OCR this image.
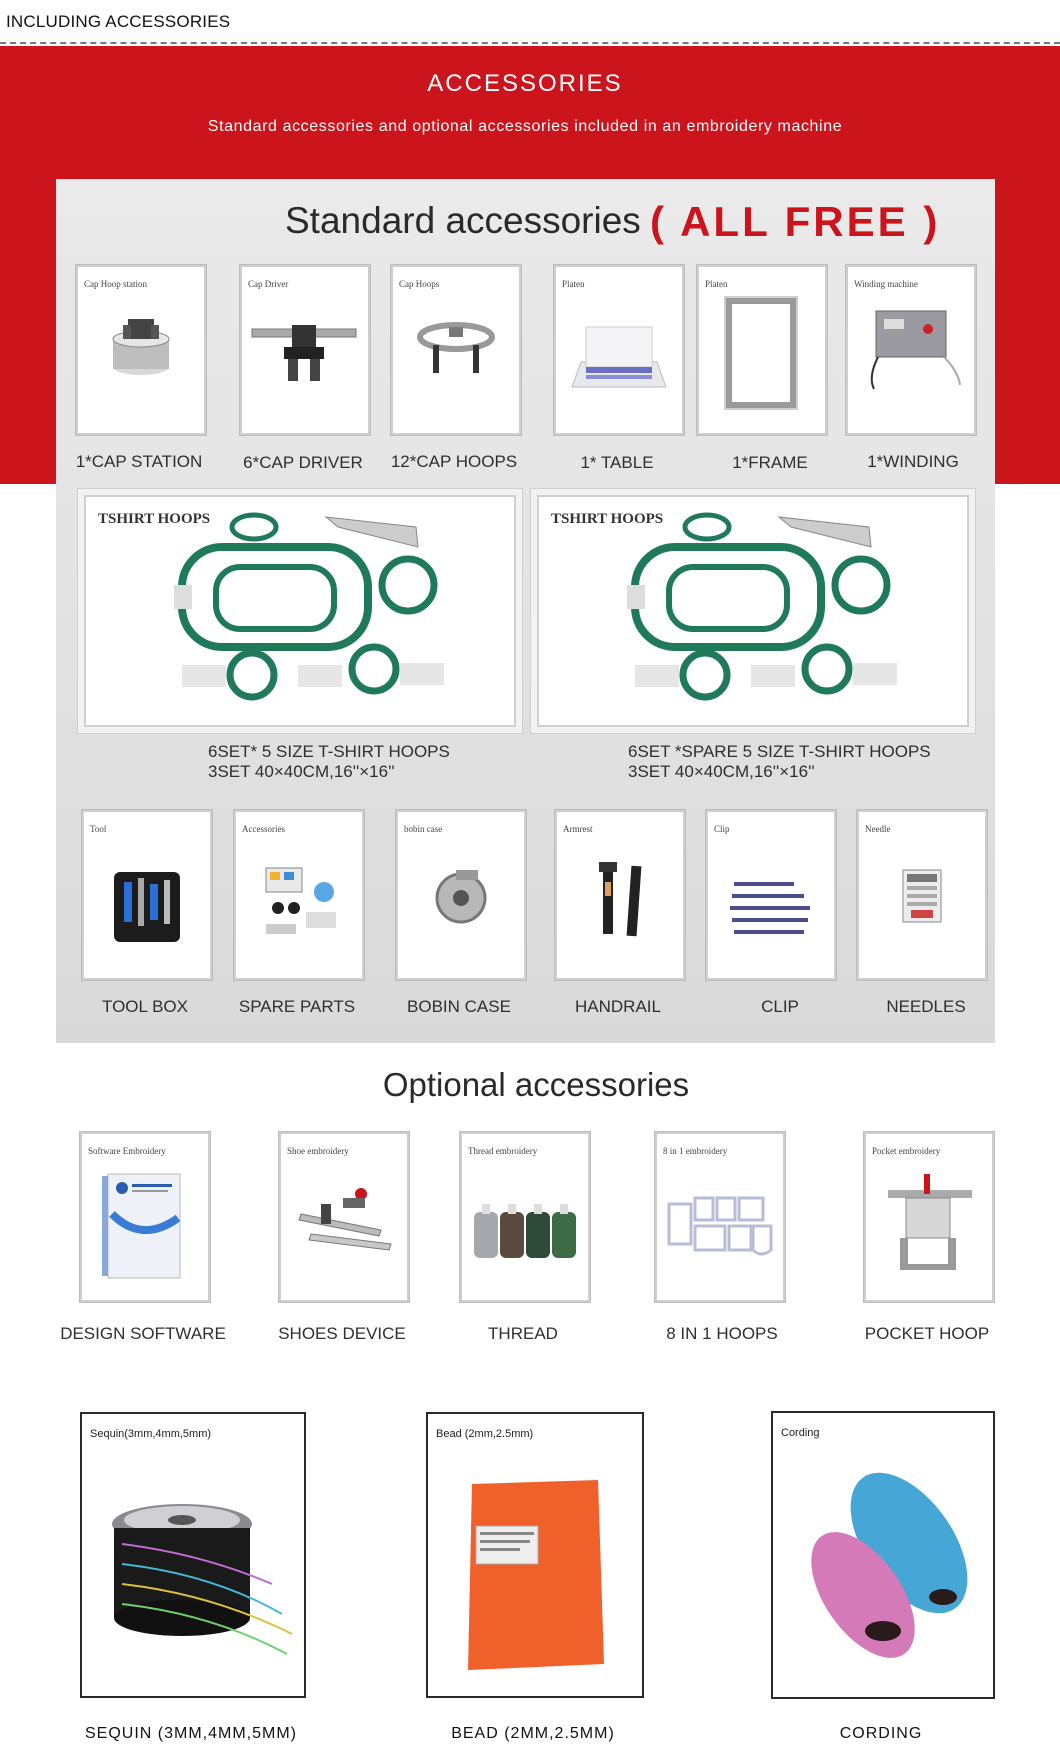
INCLUDING ACCESSORIES
ACCESSORIES
Standard accessories and optional accessories included in an embroidery machine
Standard accessories ( ALL FREE )
Cap Hoop station	Cap Driver	Cap Hoops	Platen	Platen	Winding machine
1*CAP STATION	6*CAP DRIVER	12*CAP HOOPS	1* TABLE	1*FRAME	1*WINDING
TSHIRT HOOPS	TSHIRT HOOPS
6SET* 5 SIZE T-SHIRT HOOPS
3SET 40×40CM,16''×16''
6SET *SPARE 5 SIZE T-SHIRT HOOPS
3SET 40×40CM,16''×16''
Tool	Accessories	bobin case	Armrest	Clip	Needle
TOOL BOX	SPARE PARTS	BOBIN CASE	HANDRAIL	CLIP	NEEDLES
Optional accessories
Software Embroidery	Shoe embroidery	Thread embroidery	8 in 1 embroidery	Pocket embroidery
DESIGN SOFTWARE	SHOES DEVICE	THREAD	8 IN 1 HOOPS	POCKET HOOP
Sequin(3mm,4mm,5mm)	Bead (2mm,2.5mm)	Cording
SEQUIN (3MM,4MM,5MM)	BEAD (2MM,2.5MM)	CORDING
